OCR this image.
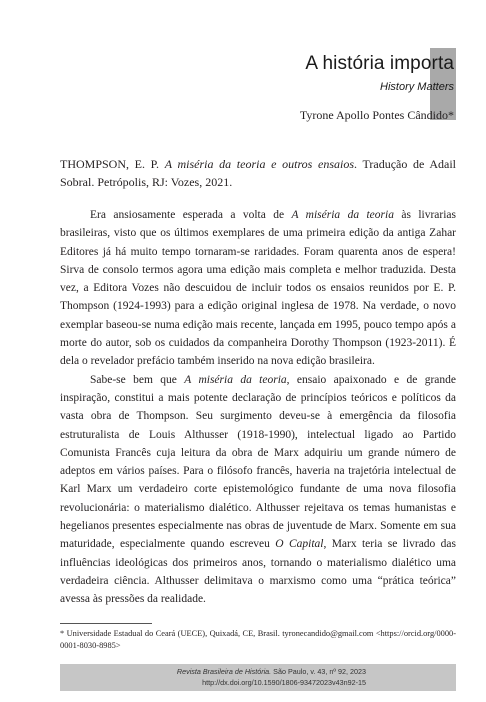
A história importa
History Matters
Tyrone Apollo Pontes Cândido*
THOMPSON, E. P. A miséria da teoria e outros ensaios. Tradução de Adail Sobral. Petrópolis, RJ: Vozes, 2021.

Era ansiosamente esperada a volta de A miséria da teoria às livrarias brasileiras, visto que os últimos exemplares de uma primeira edição da antiga Zahar Editores já há muito tempo tornaram-se raridades. Foram quarenta anos de espera! Sirva de consolo termos agora uma edição mais completa e melhor traduzida. Desta vez, a Editora Vozes não descuidou de incluir todos os ensaios reunidos por E. P. Thompson (1924-1993) para a edição original inglesa de 1978. Na verdade, o novo exemplar baseou-se numa edição mais recente, lançada em 1995, pouco tempo após a morte do autor, sob os cuidados da companheira Dorothy Thompson (1923-2011). É dela o revelador prefácio também inserido na nova edição brasileira.

Sabe-se bem que A miséria da teoria, ensaio apaixonado e de grande inspiração, constitui a mais potente declaração de princípios teóricos e políticos da vasta obra de Thompson. Seu surgimento deveu-se à emergência da filosofia estruturalista de Louis Althusser (1918-1990), intelectual ligado ao Partido Comunista Francês cuja leitura da obra de Marx adquiriu um grande número de adeptos em vários países. Para o filósofo francês, haveria na trajetória intelectual de Karl Marx um verdadeiro corte epistemológico fundante de uma nova filosofia revolucionária: o materialismo dialético. Althusser rejeitava os temas humanistas e hegelianos presentes especialmente nas obras de juventude de Marx. Somente em sua maturidade, especialmente quando escreveu O Capital, Marx teria se livrado das influências ideológicas dos primeiros anos, tornando o materialismo dialético uma verdadeira ciência. Althusser delimitava o marxismo como uma “prática teórica” avessa às pressões da realidade.

* Universidade Estadual do Ceará (UECE), Quixadá, CE, Brasil. tyronecandido@gmail.com <https://orcid.org/0000-0001-8030-8985>
Revista Brasileira de História. São Paulo, v. 43, nº 92, 2023
http://dx.doi.org/10.1590/1806-93472023v43n92-15
